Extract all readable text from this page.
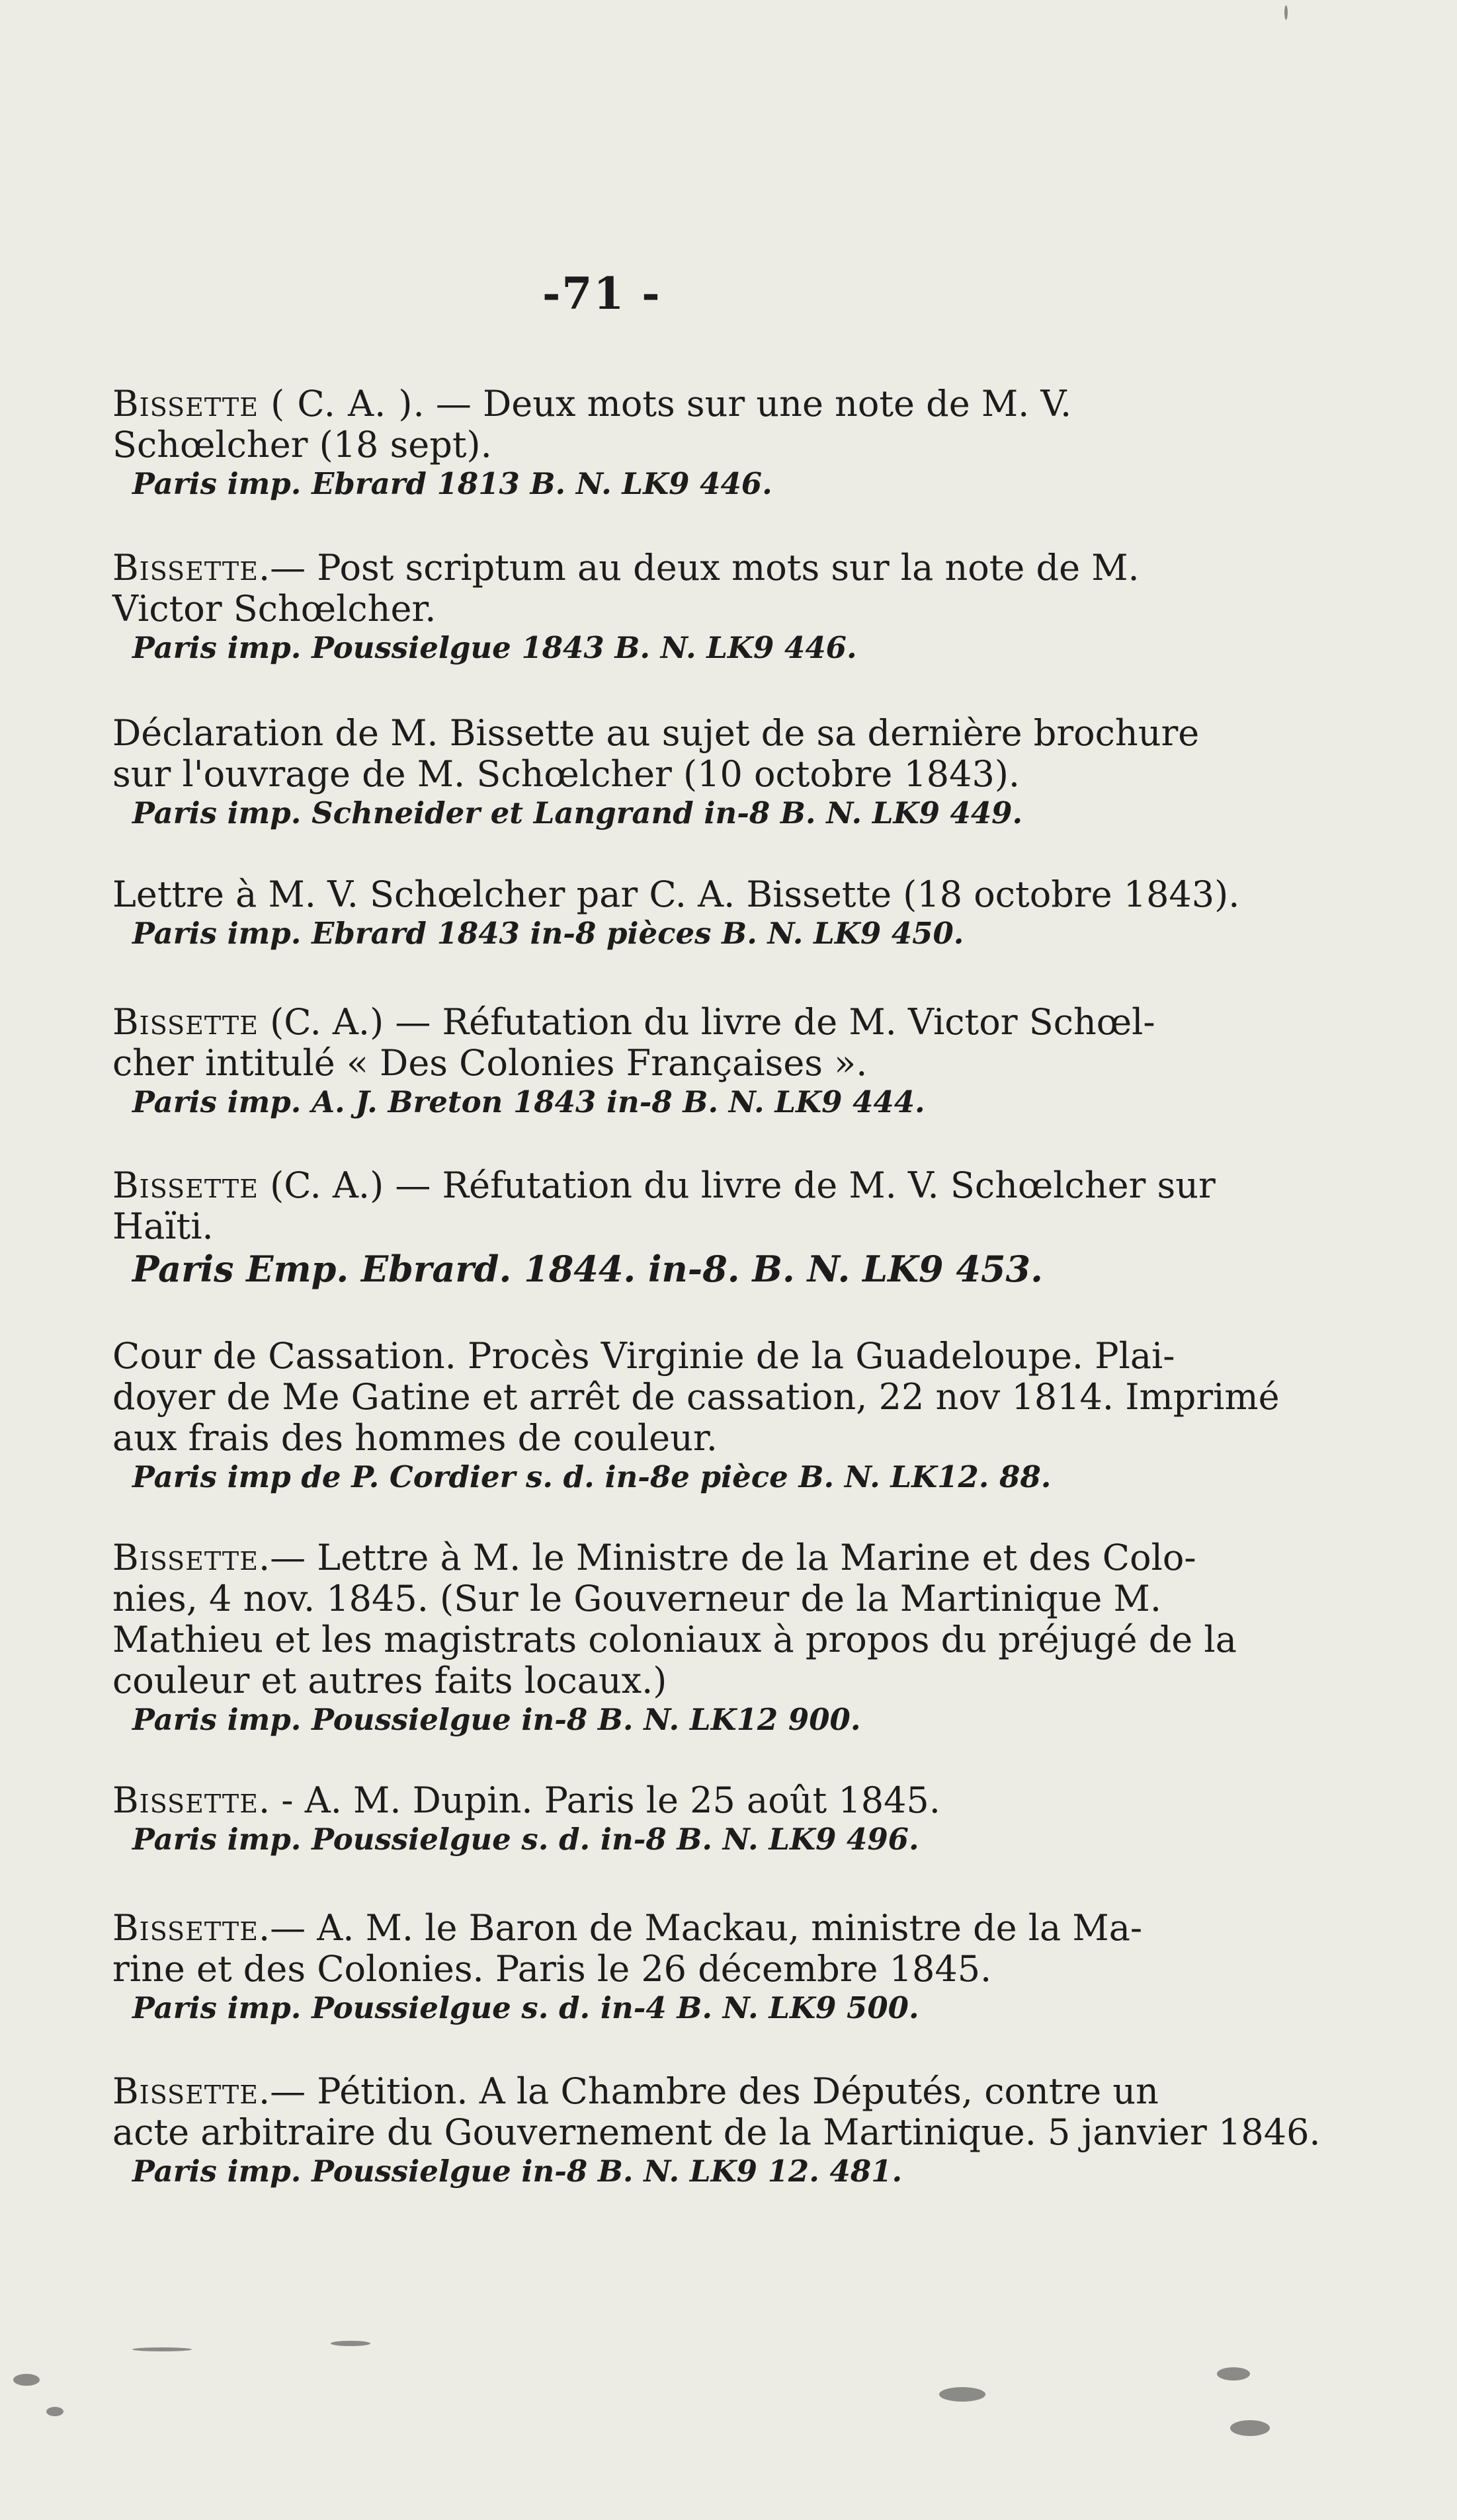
-71 -
Bissette ( C. A. ). — Deux mots sur une note de M. V.
Schœlcher (18 sept).
Paris imp. Ebrard 1813 B. N. LK9 446.
Bissette.— Post scriptum au deux mots sur la note de M.
Victor Schœlcher.
Paris imp. Poussielgue 1843 B. N. LK9 446.
Déclaration de M. Bissette au sujet de sa dernière brochure
sur l'ouvrage de M. Schœlcher (10 octobre 1843).
Paris imp. Schneider et Langrand in-8 B. N. LK9 449.
Lettre à M. V. Schœlcher par C. A. Bissette (18 octobre 1843).
Paris imp. Ebrard 1843 in-8 pièces B. N. LK9 450.
Bissette (C. A.) — Réfutation du livre de M. Victor Schœl-
cher intitulé « Des Colonies Françaises ».
Paris imp. A. J. Breton 1843 in-8 B. N. LK9 444.
Bissette (C. A.) — Réfutation du livre de M. V. Schœlcher sur
Haïti.
Paris Emp. Ebrard. 1844. in-8. B. N. LK9 453.
Cour de Cassation. Procès Virginie de la Guadeloupe. Plai-
doyer de Me Gatine et arrêt de cassation, 22 nov 1814. Imprimé
aux frais des hommes de couleur.
Paris imp de P. Cordier s. d. in-8e pièce B. N. LK12. 88.
Bissette.— Lettre à M. le Ministre de la Marine et des Colo-
nies, 4 nov. 1845. (Sur le Gouverneur de la Martinique M.
Mathieu et les magistrats coloniaux à propos du préjugé de la
couleur et autres faits locaux.)
Paris imp. Poussielgue in-8 B. N. LK12 900.
Bissette. - A. M. Dupin. Paris le 25 août 1845.
Paris imp. Poussielgue s. d. in-8 B. N. LK9 496.
Bissette.— A. M. le Baron de Mackau, ministre de la Ma-
rine et des Colonies. Paris le 26 décembre 1845.
Paris imp. Poussielgue s. d. in-4 B. N. LK9 500.
Bissette.— Pétition. A la Chambre des Députés, contre un
acte arbitraire du Gouvernement de la Martinique. 5 janvier 1846.
Paris imp. Poussielgue in-8 B. N. LK9 12. 481.
